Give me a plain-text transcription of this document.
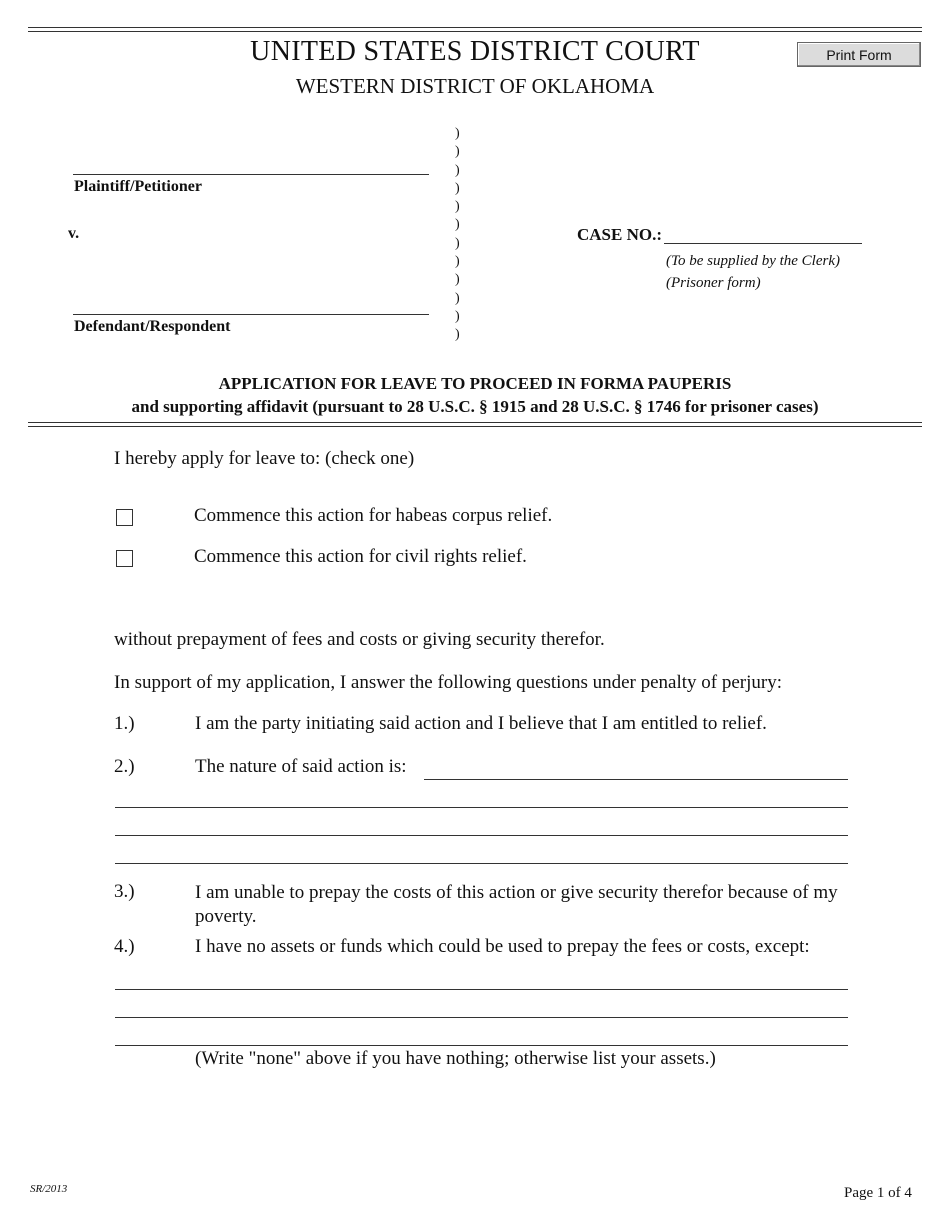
UNITED STATES DISTRICT COURT
WESTERN DISTRICT OF OKLAHOMA
Print Form
Plaintiff/Petitioner
v.
Defendant/Respondent
)
)
)
)
)
)
)
)
)
)
)
)
CASE NO.:
(To be supplied by the Clerk)
(Prisoner form)
APPLICATION FOR LEAVE TO PROCEED IN FORMA PAUPERIS
and supporting affidavit (pursuant to 28 U.S.C. § 1915 and 28 U.S.C. § 1746 for prisoner cases)
I hereby apply for leave to: (check one)
Commence this action for habeas corpus relief.
Commence this action for civil rights relief.
without prepayment of fees and costs or giving security therefor.
In support of my application, I answer the following questions under penalty of perjury:
1.)	I am the party initiating said action and I believe that I am entitled to relief.
2.)	The nature of said action is:
3.)	I am unable to prepay the costs of this action or give security therefor because of my poverty.
4.)	I have no assets or funds which could be used to prepay the fees or costs, except:
(Write "none" above if you have nothing; otherwise list your assets.)
SR/2013	Page 1 of 4
